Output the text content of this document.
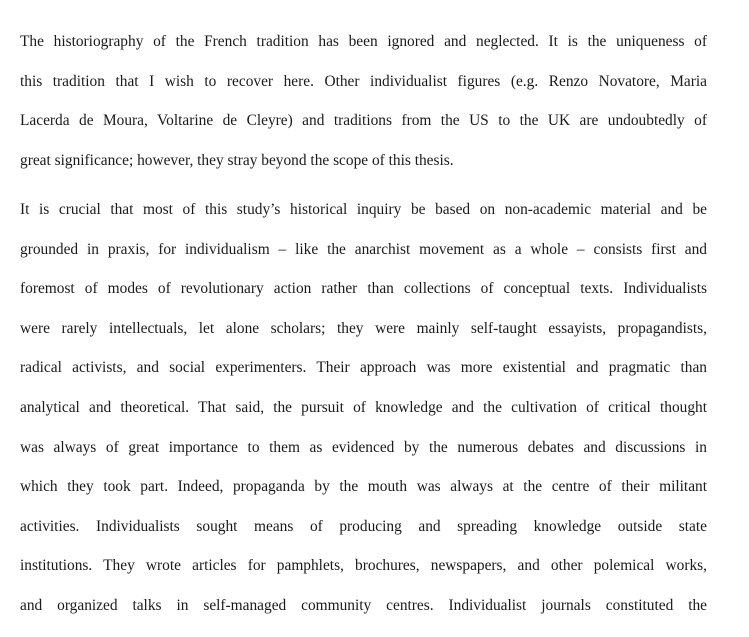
The historiography of the French tradition has been ignored and neglected. It is the uniqueness of
this tradition that I wish to recover here. Other individualist figures (e.g. Renzo Novatore, Maria
Lacerda de Moura, Voltarine de Cleyre) and traditions from the US to the UK are undoubtedly of
great significance; however, they stray beyond the scope of this thesis.

It is crucial that most of this study’s historical inquiry be based on non-academic material and be
grounded in praxis, for individualism – like the anarchist movement as a whole – consists first and
foremost of modes of revolutionary action rather than collections of conceptual texts. Individualists
were rarely intellectuals, let alone scholars; they were mainly self-taught essayists, propagandists,
radical activists, and social experimenters. Their approach was more existential and pragmatic than
analytical and theoretical. That said, the pursuit of knowledge and the cultivation of critical thought
was always of great importance to them as evidenced by the numerous debates and discussions in
which they took part. Indeed, propaganda by the mouth was always at the centre of their militant
activities. Individualists sought means of producing and spreading knowledge outside state
institutions. They wrote articles for pamphlets, brochures, newspapers, and other polemical works,
and organized talks in self-managed community centres. Individualist journals constituted the
